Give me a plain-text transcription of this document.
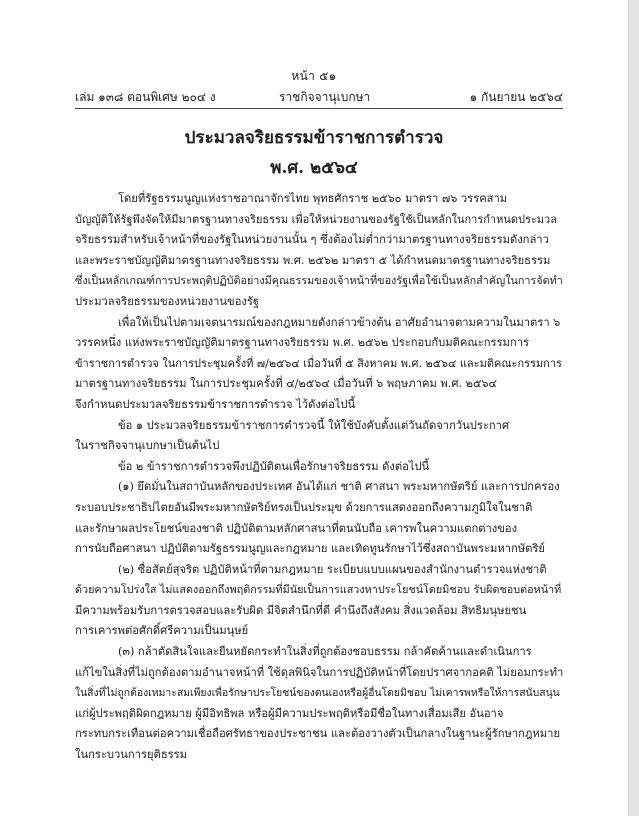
หน้า ๕๑
เล่ม ๑๓๘ ตอนพิเศษ ๒๐๔ ง	ราชกิจจานุเบกษา	๑ กันยายน ๒๕๖๔
ประมวลจริยธรรมข้าราชการตำรวจ
พ.ศ. ๒๕๖๔
โดยที่รัฐธรรมนูญแห่งราชอาณาจักรไทย พุทธศักราช ๒๕๖๐ มาตรา ๗๖ วรรคสาม
บัญญัติให้รัฐพึงจัดให้มีมาตรฐานทางจริยธรรม เพื่อให้หน่วยงานของรัฐใช้เป็นหลักในการกำหนดประมวล
จริยธรรมสำหรับเจ้าหน้าที่ของรัฐในหน่วยงานนั้น ๆ ซึ่งต้องไม่ต่ำกว่ามาตรฐานทางจริยธรรมดังกล่าว
และพระราชบัญญัติมาตรฐานทางจริยธรรม พ.ศ. ๒๕๖๒ มาตรา ๕ ได้กำหนดมาตรฐานทางจริยธรรม
ซึ่งเป็นหลักเกณฑ์การประพฤติปฏิบัติอย่างมีคุณธรรมของเจ้าหน้าที่ของรัฐเพื่อใช้เป็นหลักสำคัญในการจัดทำ
ประมวลจริยธรรมของหน่วยงานของรัฐ
เพื่อให้เป็นไปตามเจตนารมณ์ของกฎหมายดังกล่าวข้างต้น อาศัยอำนาจตามความในมาตรา ๖
วรรคหนึ่ง แห่งพระราชบัญญัติมาตรฐานทางจริยธรรม พ.ศ. ๒๕๖๒ ประกอบกับมติคณะกรรมการ
ข้าราชการตำรวจ ในการประชุมครั้งที่ ๗/๒๕๖๔ เมื่อวันที่ ๕ สิงหาคม พ.ศ. ๒๕๖๔ และมติคณะกรรมการ
มาตรฐานทางจริยธรรม ในการประชุมครั้งที่ ๔/๒๕๖๔ เมื่อวันที่ ๖ พฤษภาคม พ.ศ. ๒๕๖๔
จึงกำหนดประมวลจริยธรรมข้าราชการตำรวจ ไว้ดังต่อไปนี้
ข้อ ๑ ประมวลจริยธรรมข้าราชการตำรวจนี้ ให้ใช้บังคับตั้งแต่วันถัดจากวันประกาศ
ในราชกิจจานุเบกษาเป็นต้นไป
ข้อ ๒ ข้าราชการตำรวจพึงปฏิบัติตนเพื่อรักษาจริยธรรม ดังต่อไปนี้
(๑) ยึดมั่นในสถาบันหลักของประเทศ อันได้แก่ ชาติ ศาสนา พระมหากษัตริย์ และการปกครอง
ระบอบประชาธิปไตยอันมีพระมหากษัตริย์ทรงเป็นประมุข ด้วยการแสดงออกถึงความภูมิใจในชาติ
และรักษาผลประโยชน์ของชาติ ปฏิบัติตามหลักศาสนาที่ตนนับถือ เคารพในความแตกต่างของ
การนับถือศาสนา ปฏิบัติตามรัฐธรรมนูญและกฎหมาย และเทิดทูนรักษาไว้ซึ่งสถาบันพระมหากษัตริย์
(๒) ซื่อสัตย์สุจริต ปฏิบัติหน้าที่ตามกฎหมาย ระเบียบแบบแผนของสำนักงานตำรวจแห่งชาติ
ด้วยความโปร่งใส ไม่แสดงออกถึงพฤติกรรมที่มีนัยเป็นการแสวงหาประโยชน์โดยมิชอบ รับผิดชอบต่อหน้าที่
มีความพร้อมรับการตรวจสอบและรับผิด มีจิตสำนึกที่ดี คำนึงถึงสังคม สิ่งแวดล้อม สิทธิมนุษยชน
การเคารพต่อศักดิ์ศรีความเป็นมนุษย์
(๓) กล้าตัดสินใจและยืนหยัดกระทำในสิ่งที่ถูกต้องชอบธรรม กล้าคัดค้านและดำเนินการ
แก้ไขในสิ่งที่ไม่ถูกต้องตามอำนาจหน้าที่ ใช้ดุลพินิจในการปฏิบัติหน้าที่โดยปราศจากอคติ ไม่ยอมกระทำ
ในสิ่งที่ไม่ถูกต้องเหมาะสมเพียงเพื่อรักษาประโยชน์ของตนเองหรือผู้อื่นโดยมิชอบ ไม่เคารพหรือให้การสนับสนุน
แก่ผู้ประพฤติผิดกฎหมาย ผู้มีอิทธิพล หรือผู้มีความประพฤติหรือมีชื่อในทางเสื่อมเสีย อันอาจ
กระทบกระเทือนต่อความเชื่อถือศรัทธาของประชาชน และต้องวางตัวเป็นกลางในฐานะผู้รักษากฎหมาย
ในกระบวนการยุติธรรม
